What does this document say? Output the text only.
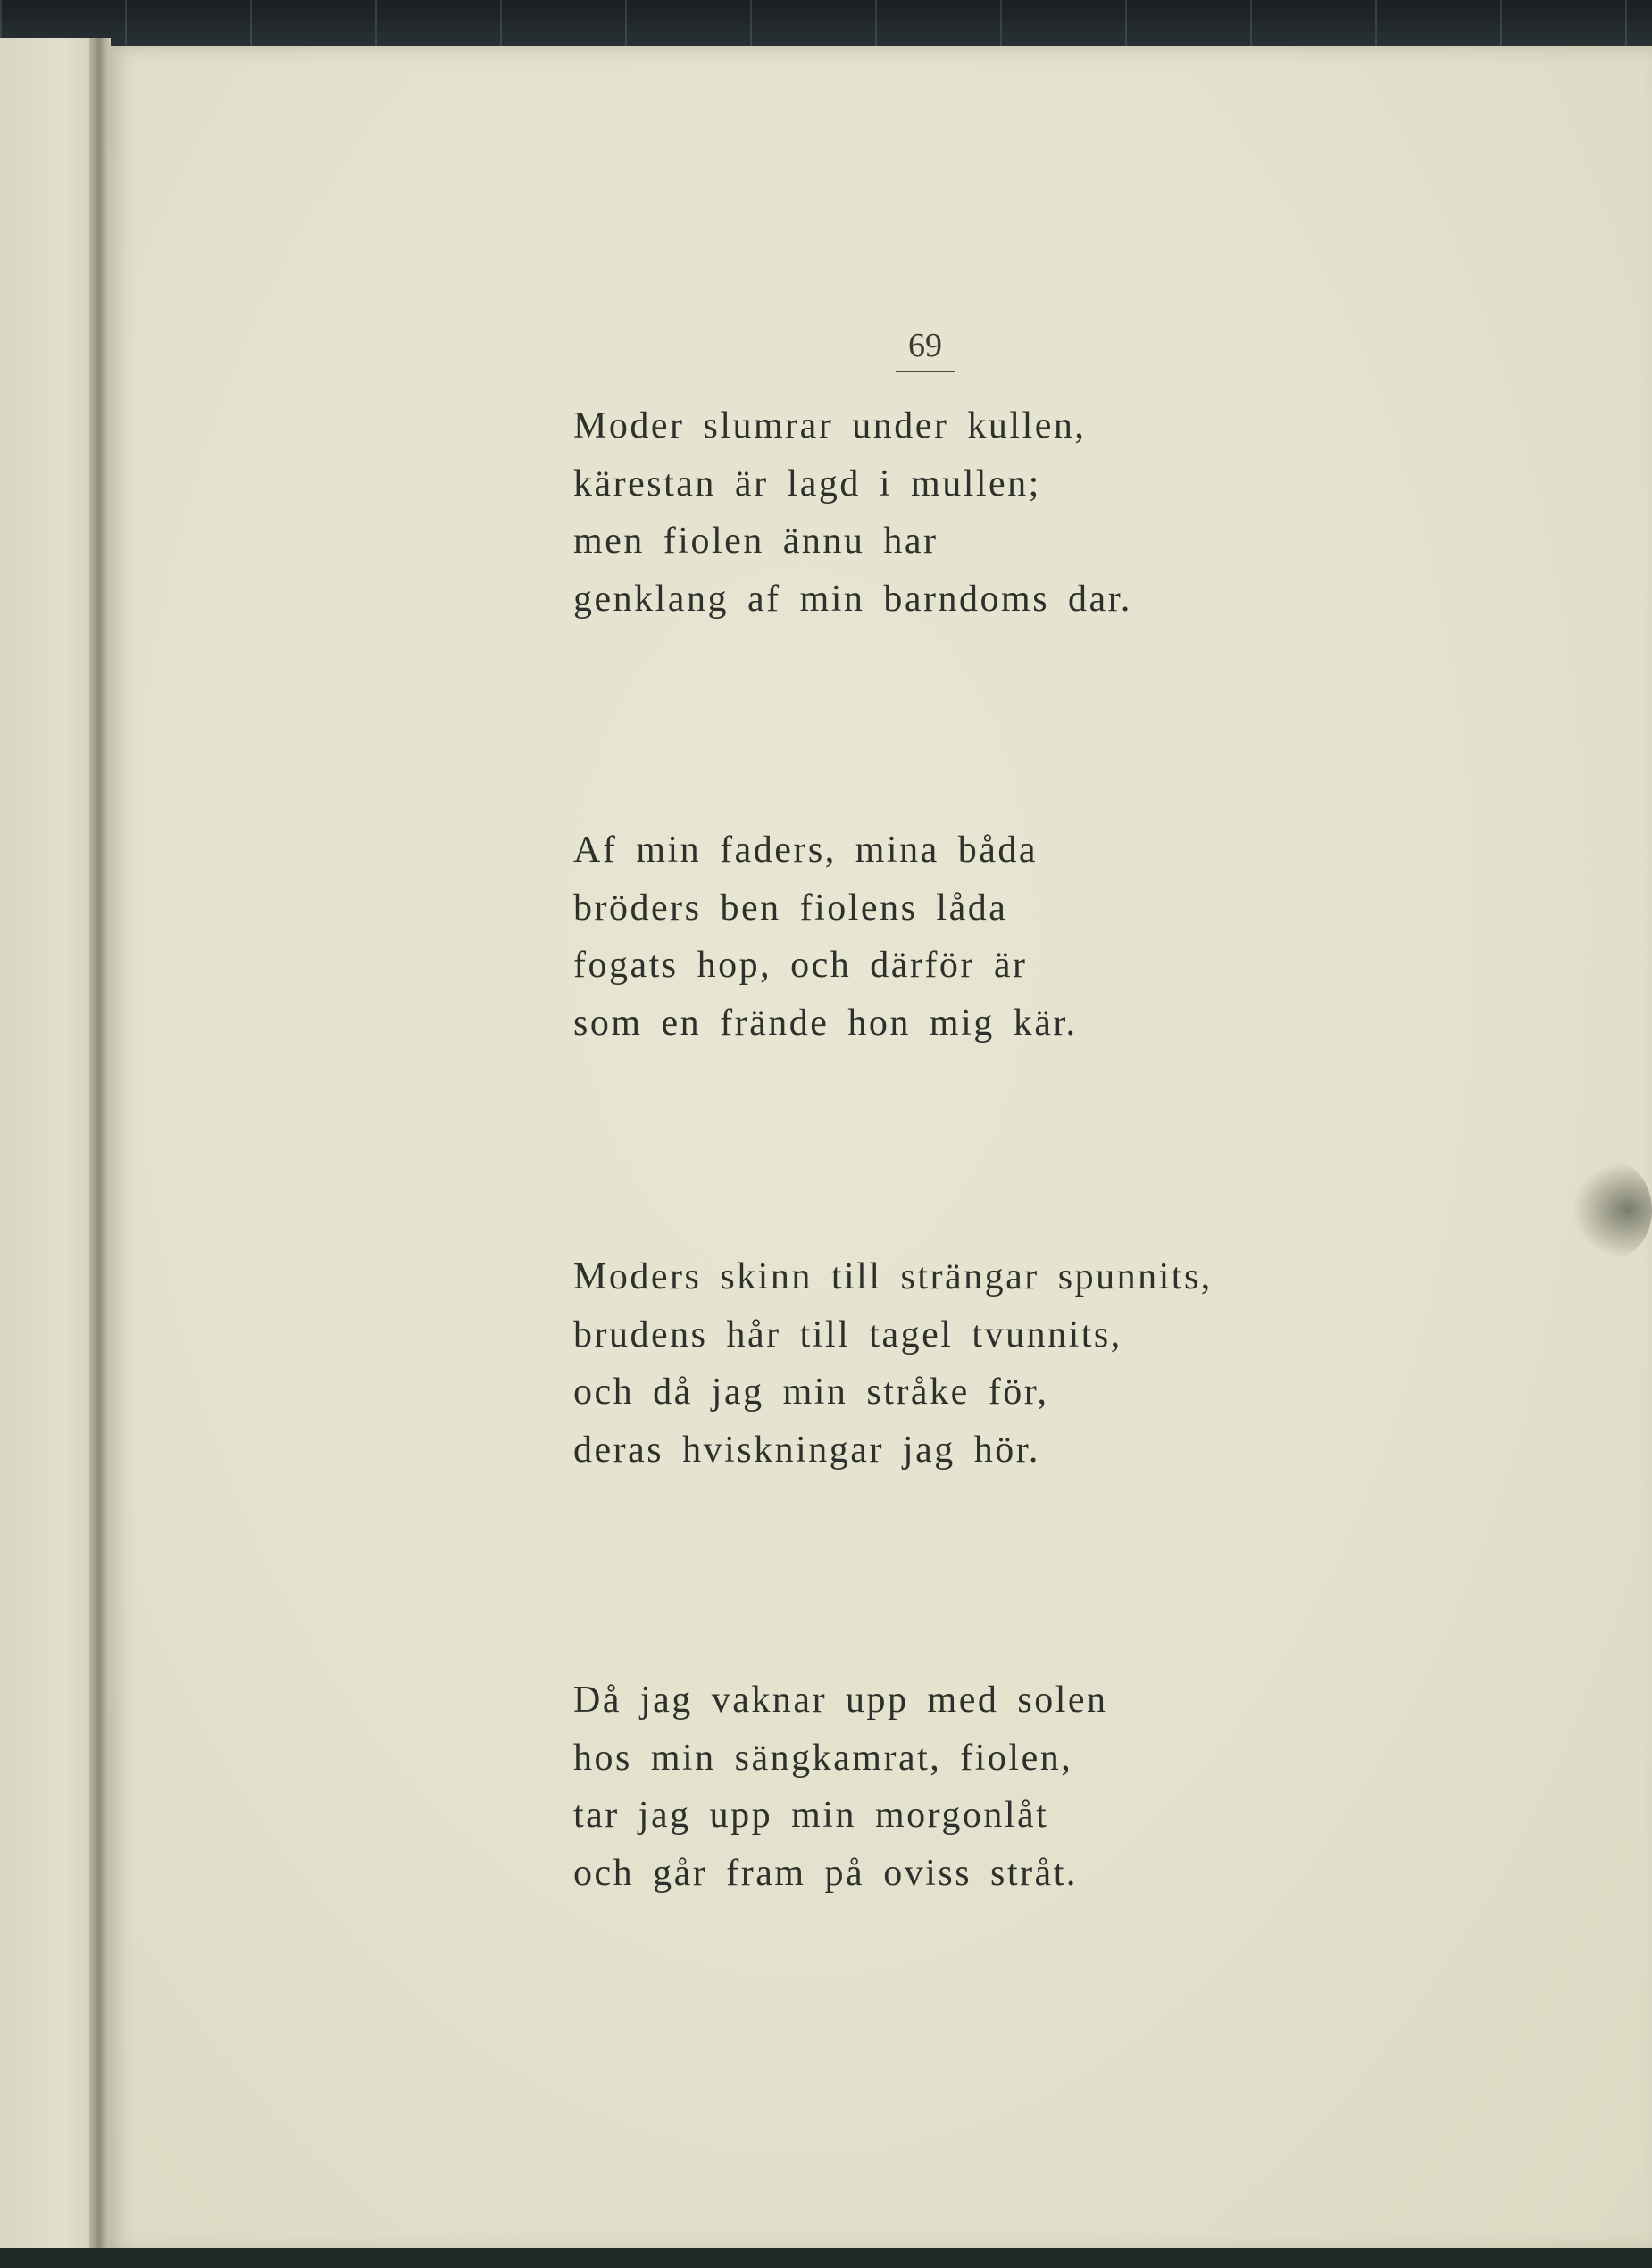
69
Moder slumrar under kullen,
kärestan är lagd i mullen;
men fiolen ännu har
genklang af min barndoms dar.
Af min faders, mina båda
bröders ben fiolens låda
fogats hop, och därför är
som en frände hon mig kär.
Moders skinn till strängar spunnits,
brudens hår till tagel tvunnits,
och då jag min stråke för,
deras hviskningar jag hör.
Då jag vaknar upp med solen
hos min sängkamrat, fiolen,
tar jag upp min morgonlåt
och går fram på oviss stråt.
